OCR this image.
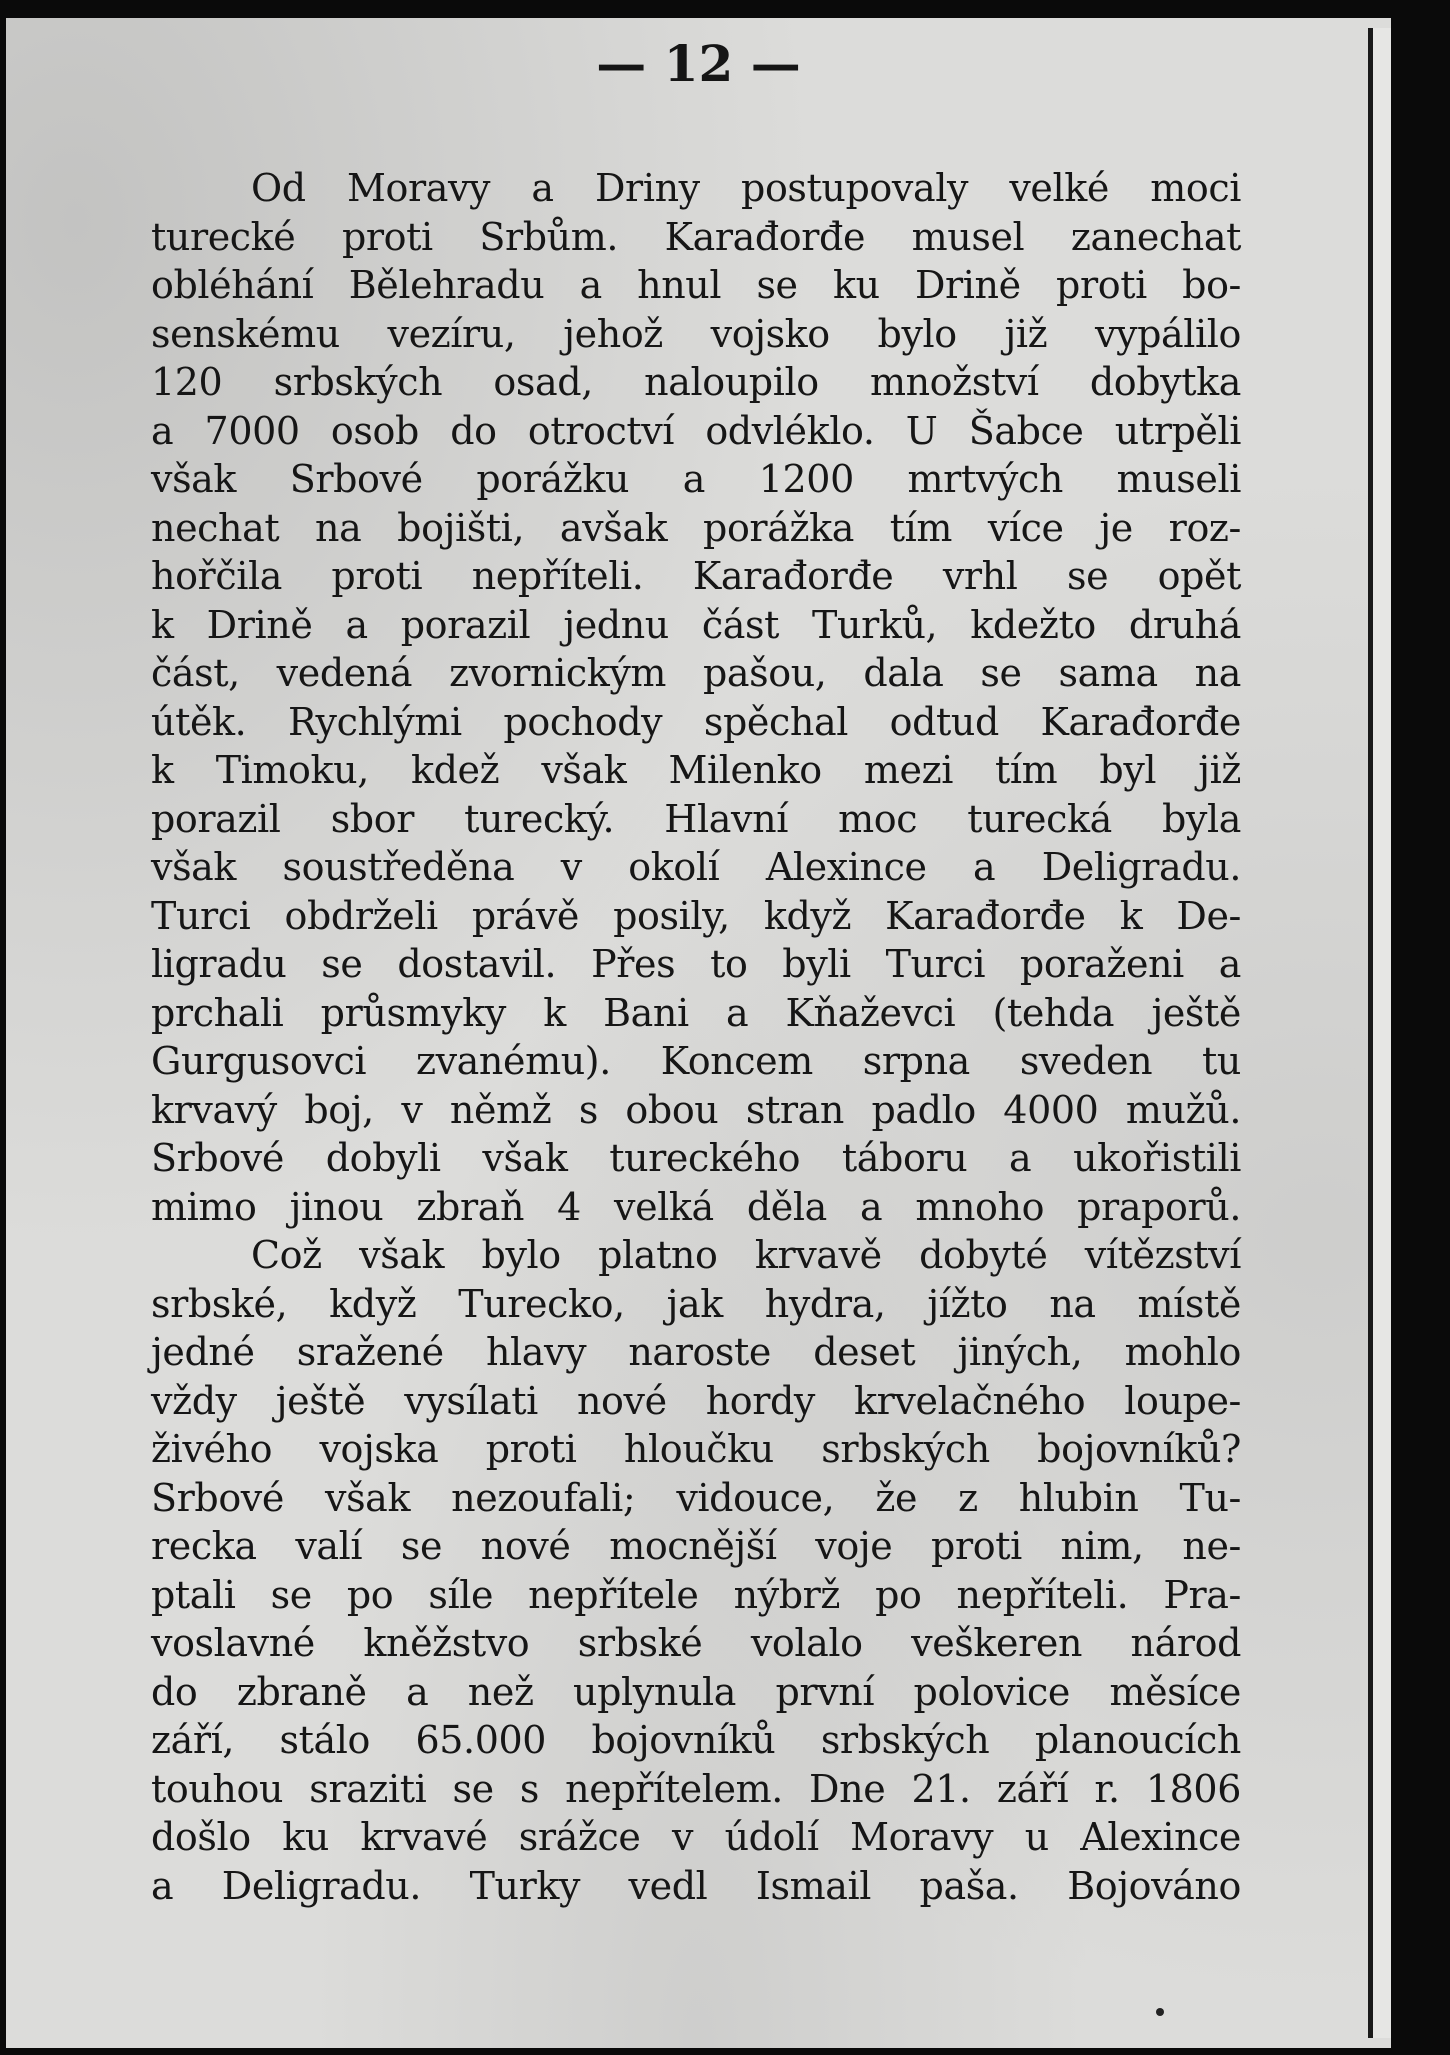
— 12 —
Od Moravy a Driny postupovaly velké moci
turecké proti Srbům. Karađorđe musel zanechat
obléhání Bělehradu a hnul se ku Drině proti bo-
senskému vezíru, jehož vojsko bylo již vypálilo
120 srbských osad, naloupilo množství dobytka
a 7000 osob do otroctví odvléklo. U Šabce utrpěli
však Srbové porážku a 1200 mrtvých museli
nechat na bojišti, avšak porážka tím více je roz-
hořčila proti nepříteli. Karađorđe vrhl se opět
k Drině a porazil jednu část Turků, kdežto druhá
část, vedená zvornickým pašou, dala se sama na
útěk. Rychlými pochody spěchal odtud Karađorđe
k Timoku, kdež však Milenko mezi tím byl již
porazil sbor turecký. Hlavní moc turecká byla
však soustředěna v okolí Alexince a Deligradu.
Turci obdrželi právě posily, když Karađorđe k De-
ligradu se dostavil. Přes to byli Turci poraženi a
prchali průsmyky k Bani a Kňaževci (tehda ještě
Gurgusovci zvanému). Koncem srpna sveden tu
krvavý boj, v němž s obou stran padlo 4000 mužů.
Srbové dobyli však tureckého táboru a ukořistili
mimo jinou zbraň 4 velká děla a mnoho praporů.
Což však bylo platno krvavě dobyté vítězství
srbské, když Turecko, jak hydra, jížto na místě
jedné sražené hlavy naroste deset jiných, mohlo
vždy ještě vysílati nové hordy krvelačného loupe-
živého vojska proti hloučku srbských bojovníků?
Srbové však nezoufali; vidouce, že z hlubin Tu-
recka valí se nové mocnější voje proti nim, ne-
ptali se po síle nepřítele nýbrž po nepříteli. Pra-
voslavné kněžstvo srbské volalo veškeren národ
do zbraně a než uplynula první polovice měsíce
září, stálo 65.000 bojovníků srbských planoucích
touhou sraziti se s nepřítelem. Dne 21. září r. 1806
došlo ku krvavé srážce v údolí Moravy u Alexince
a Deligradu. Turky vedl Ismail paša. Bojováno
